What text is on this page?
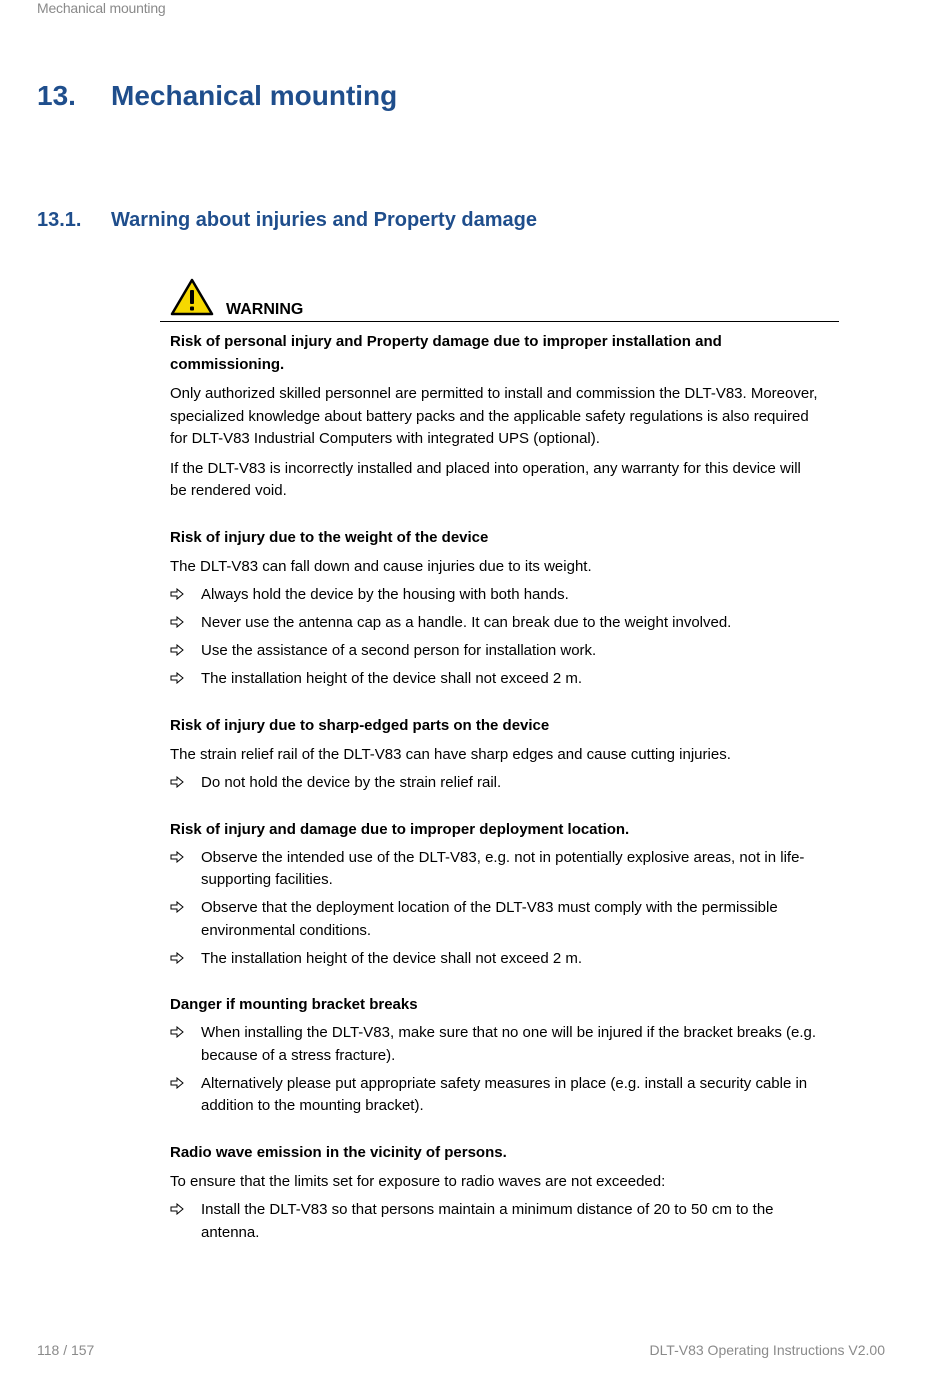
Mechanical mounting
13.	Mechanical mounting
13.1.	Warning about injuries and Property damage
WARNING

Risk of personal injury and Property damage due to improper installation and commissioning.

Only authorized skilled personnel are permitted to install and commission the DLT-V83. Moreover, specialized knowledge about battery packs and the applicable safety regulations is also required for DLT-V83 Industrial Computers with integrated UPS (optional).

If the DLT-V83 is incorrectly installed and placed into operation, any warranty for this device will be rendered void.

Risk of injury due to the weight of the device

The DLT-V83 can fall down and cause injuries due to its weight.

Always hold the device by the housing with both hands.
Never use the antenna cap as a handle. It can break due to the weight involved.
Use the assistance of a second person for installation work.
The installation height of the device shall not exceed 2 m.

Risk of injury due to sharp-edged parts on the device

The strain relief rail of the DLT-V83 can have sharp edges and cause cutting injuries.

Do not hold the device by the strain relief rail.

Risk of injury and damage due to improper deployment location.

Observe the intended use of the DLT-V83, e.g. not in potentially explosive areas, not in life-supporting facilities.
Observe that the deployment location of the DLT-V83 must comply with the permissible environmental conditions.
The installation height of the device shall not exceed 2 m.

Danger if mounting bracket breaks

When installing the DLT-V83, make sure that no one will be injured if the bracket breaks (e.g. because of a stress fracture).
Alternatively please put appropriate safety measures in place (e.g. install a security cable in addition to the mounting bracket).

Radio wave emission in the vicinity of persons.

To ensure that the limits set for exposure to radio waves are not exceeded:

Install the DLT-V83 so that persons maintain a minimum distance of 20 to 50 cm to the antenna.
118 / 157	DLT-V83 Operating Instructions V2.00
